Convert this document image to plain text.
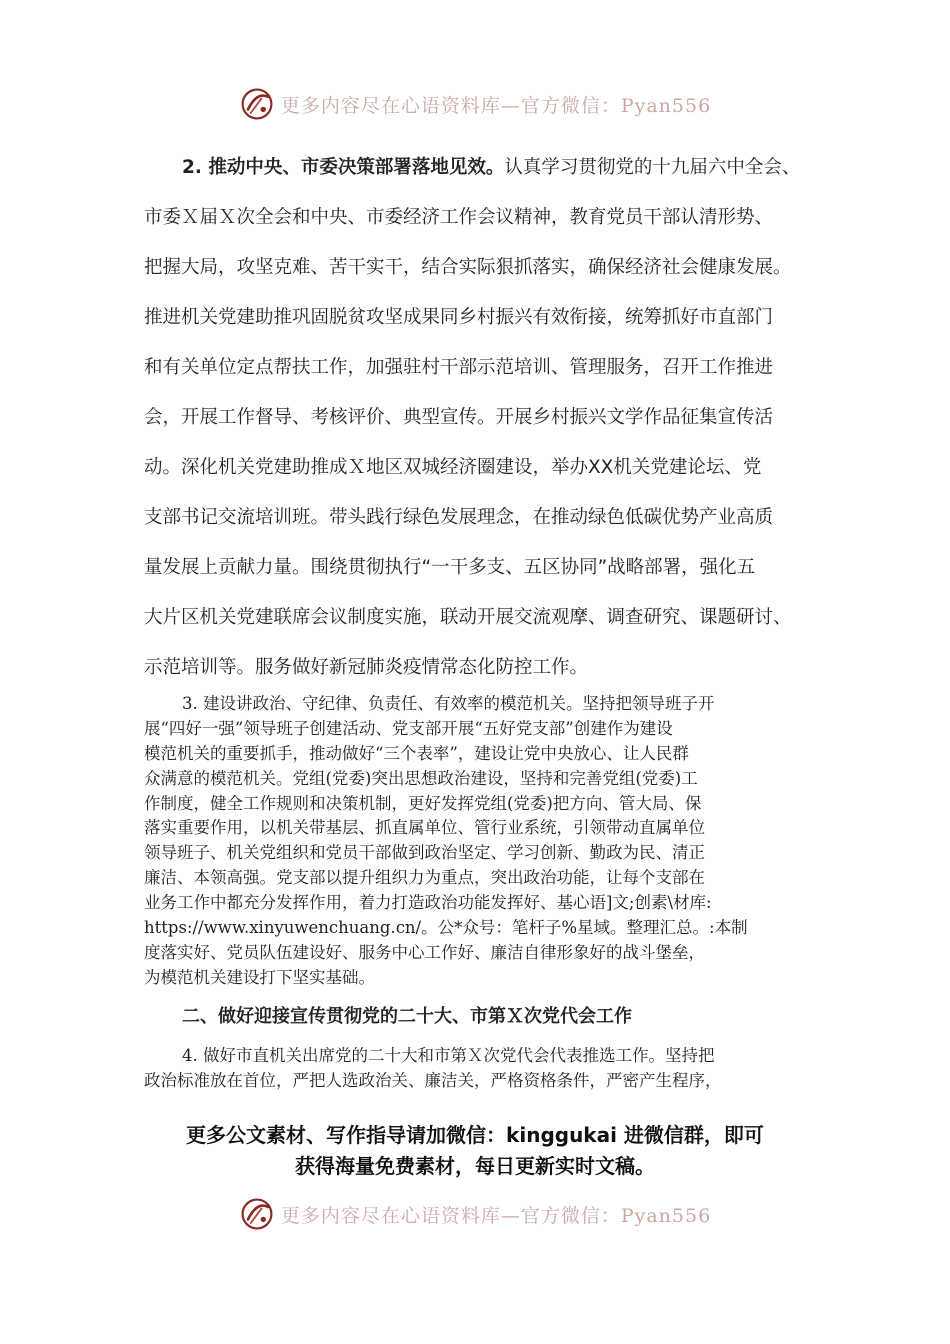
更多内容尽在心语资料库—官方微信：Pyan556
2. 推动中央、市委决策部署落地见效。认真学习贯彻党的十九届六中全会、
市委Ｘ届Ｘ次全会和中央、市委经济工作会议精神，教育党员干部认清形势、
把握大局，攻坚克难、苦干实干，结合实际狠抓落实，确保经济社会健康发展。
推进机关党建助推巩固脱贫攻坚成果同乡村振兴有效衔接，统筹抓好市直部门
和有关单位定点帮扶工作，加强驻村干部示范培训、管理服务，召开工作推进
会，开展工作督导、考核评价、典型宣传。开展乡村振兴文学作品征集宣传活
动。深化机关党建助推成Ｘ地区双城经济圈建设，举办XX机关党建论坛、党
支部书记交流培训班。带头践行绿色发展理念，在推动绿色低碳优势产业高质
量发展上贡献力量。围绕贯彻执行“一干多支、五区协同”战略部署，强化五
大片区机关党建联席会议制度实施，联动开展交流观摩、调查研究、课题研讨、
示范培训等。服务做好新冠肺炎疫情常态化防控工作。
3. 建设讲政治、守纪律、负责任、有效率的模范机关。坚持把领导班子开
展“四好一强”领导班子创建活动、党支部开展“五好党支部”创建作为建设
模范机关的重要抓手，推动做好“三个表率”，建设让党中央放心、让人民群
众满意的模范机关。党组(党委)突出思想政治建设，坚持和完善党组(党委)工
作制度，健全工作规则和决策机制，更好发挥党组(党委)把方向、管大局、保
落实重要作用，以机关带基层、抓直属单位、管行业系统，引领带动直属单位
领导班子、机关党组织和党员干部做到政治坚定、学习创新、勤政为民、清正
廉洁、本领高强。党支部以提升组织力为重点，突出政治功能，让每个支部在
业务工作中都充分发挥作用，着力打造政治功能发挥好、基心语]文;创素\材库:
https://www.xinyuwenchuang.cn/。公*众号：笔杆子%星域。整理汇总。:本制
度落实好、党员队伍建设好、服务中心工作好、廉洁自律形象好的战斗堡垒，
为模范机关建设打下坚实基础。
二、做好迎接宣传贯彻党的二十大、市第Ｘ次党代会工作
4. 做好市直机关出席党的二十大和市第Ｘ次党代会代表推选工作。坚持把
政治标准放在首位，严把人选政治关、廉洁关，严格资格条件，严密产生程序，
更多公文素材、写作指导请加微信：kinggukai 进微信群，即可
获得海量免费素材，每日更新实时文稿。
更多内容尽在心语资料库—官方微信：Pyan556
